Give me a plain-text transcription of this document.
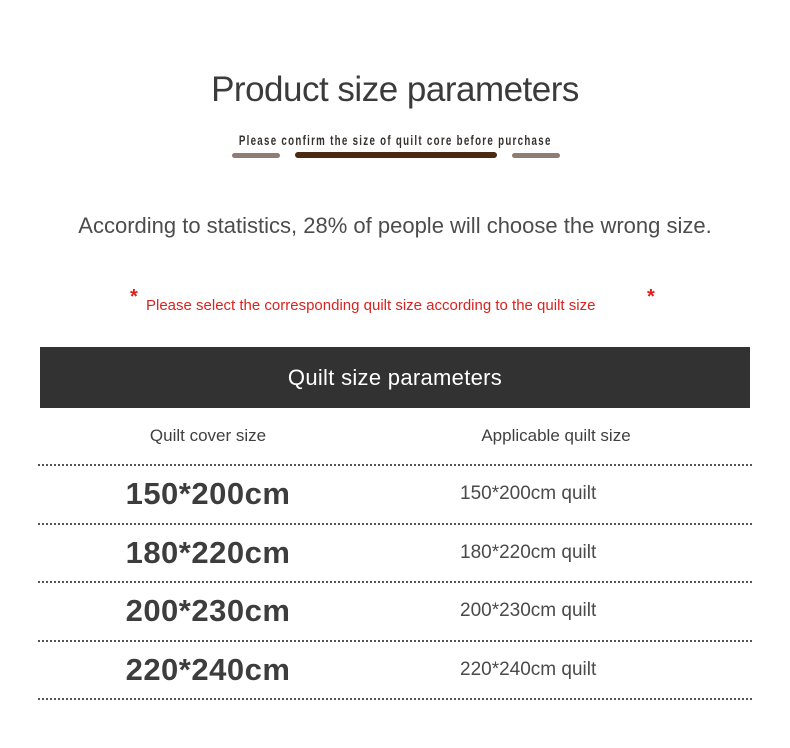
Product size parameters
Please confirm the size of quilt core before purchase
According to statistics, 28% of people will choose the wrong size.
* Please select the corresponding quilt size according to the quilt size	*
Quilt size parameters
Quilt cover size	Applicable quilt size
150*200cm	150*200cm quilt
180*220cm	180*220cm quilt
200*230cm	200*230cm quilt
220*240cm	220*240cm quilt
